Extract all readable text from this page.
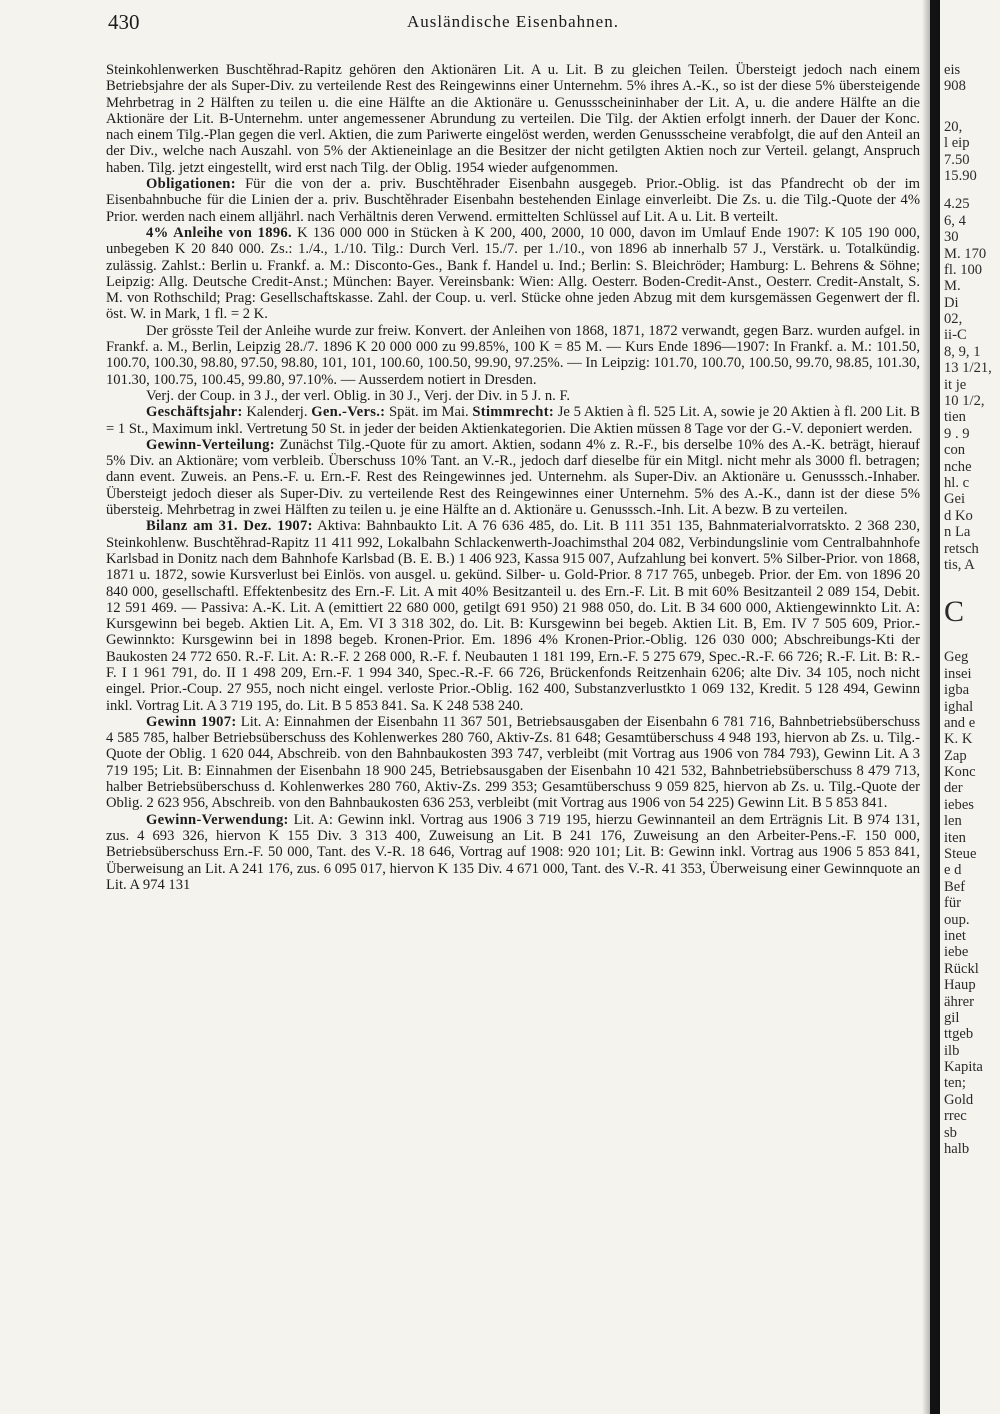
430	Ausländische Eisenbahnen.

Steinkohlenwerken Buschtěhrad-Rapitz gehören den Aktionären Lit. A u. Lit. B zu gleichen Teilen. Übersteigt jedoch nach einem Betriebsjahre der als Super-Div. zu verteilende Rest des Reingewinns einer Unternehm. 5% ihres A.-K., so ist der diese 5% übersteigende Mehrbetrag in 2 Hälften zu teilen u. die eine Hälfte an die Aktionäre u. Genussscheininhaber der Lit. A, u. die andere Hälfte an die Aktionäre der Lit. B-Unternehm. unter angemessener Abrundung zu verteilen. Die Tilg. der Aktien erfolgt innerh. der Dauer der Konc. nach einem Tilg.-Plan gegen die verl. Aktien, die zum Pariwerte eingelöst werden, werden Genussscheine verabfolgt, die auf den Anteil an der Div., welche nach Auszahl. von 5% der Aktieneinlage an die Besitzer der nicht getilgten Aktien noch zur Verteil. gelangt, Anspruch haben. Tilg. jetzt eingestellt, wird erst nach Tilg. der Oblig. 1954 wieder aufgenommen.

Obligationen: Für die von der a. priv. Buschtěhrader Eisenbahn ausgegeb. Prior.-Oblig. ist das Pfandrecht ob der im Eisenbahnbuche für die Linien der a. priv. Buschtěhrader Eisenbahn bestehenden Einlage einverleibt. Die Zs. u. die Tilg.-Quote der 4% Prior. werden nach einem alljährl. nach Verhältnis deren Verwend. ermittelten Schlüssel auf Lit. A u. Lit. B verteilt.

4% Anleihe von 1896. K 136 000 000 in Stücken à K 200, 400, 2000, 10 000, davon im Umlauf Ende 1907: K 105 190 000, unbegeben K 20 840 000. Zs.: 1./4., 1./10. Tilg.: Durch Verl. 15./7. per 1./10., von 1896 ab innerhalb 57 J., Verstärk. u. Totalkündig. zulässig. Zahlst.: Berlin u. Frankf. a. M.: Disconto-Ges., Bank f. Handel u. Ind.; Berlin: S. Bleichröder; Hamburg: L. Behrens & Söhne; Leipzig: Allg. Deutsche Credit-Anst.; München: Bayer. Vereinsbank: Wien: Allg. Oesterr. Boden-Credit-Anst., Oesterr. Credit-Anstalt, S. M. von Rothschild; Prag: Gesellschaftskasse. Zahl. der Coup. u. verl. Stücke ohne jeden Abzug mit dem kursgemässen Gegenwert der fl. öst. W. in Mark, 1 fl. = 2 K.

Der grösste Teil der Anleihe wurde zur freiw. Konvert. der Anleihen von 1868, 1871, 1872 verwandt, gegen Barz. wurden aufgel. in Frankf. a. M., Berlin, Leipzig 28./7. 1896 K 20 000 000 zu 99.85%, 100 K = 85 M. — Kurs Ende 1896—1907: In Frankf. a. M.: 101.50, 100.70, 100.30, 98.80, 97.50, 98.80, 101, 101, 100.60, 100.50, 99.90, 97.25%. — In Leipzig: 101.70, 100.70, 100.50, 99.70, 98.85, 101.30, 101.30, 100.75, 100.45, 99.80, 97.10%. — Ausserdem notiert in Dresden.

Verj. der Coup. in 3 J., der verl. Oblig. in 30 J., Verj. der Div. in 5 J. n. F.

Geschäftsjahr: Kalenderj. Gen.-Vers.: Spät. im Mai. Stimmrecht: Je 5 Aktien à fl. 525 Lit. A, sowie je 20 Aktien à fl. 200 Lit. B = 1 St., Maximum inkl. Vertretung 50 St. in jeder der beiden Aktienkategorien. Die Aktien müssen 8 Tage vor der G.-V. deponiert werden.

Gewinn-Verteilung: Zunächst Tilg.-Quote für zu amort. Aktien, sodann 4% z. R.-F., bis derselbe 10% des A.-K. beträgt, hierauf 5% Div. an Aktionäre; vom verbleib. Überschuss 10% Tant. an V.-R., jedoch darf dieselbe für ein Mitgl. nicht mehr als 3000 fl. betragen; dann event. Zuweis. an Pens.-F. u. Ern.-F. Rest des Reingewinnes jed. Unternehm. als Super-Div. an Aktionäre u. Genusssch.-Inhaber. Übersteigt jedoch dieser als Super-Div. zu verteilende Rest des Reingewinnes einer Unternehm. 5% des A.-K., dann ist der diese 5% übersteig. Mehrbetrag in zwei Hälften zu teilen u. je eine Hälfte an d. Aktionäre u. Genusssch.-Inh. Lit. A bezw. B zu verteilen.

Bilanz am 31. Dez. 1907: Aktiva: Bahnbaukto Lit. A 76 636 485, do. Lit. B 111 351 135, Bahnmaterialvorratskto. 2 368 230, Steinkohlenw. Buschtěhrad-Rapitz 11 411 992, Lokalbahn Schlackenwerth-Joachimsthal 204 082, Verbindungslinie vom Centralbahnhofe Karlsbad in Donitz nach dem Bahnhofe Karlsbad (B. E. B.) 1 406 923, Kassa 915 007, Aufzahlung bei konvert. 5% Silber-Prior. von 1868, 1871 u. 1872, sowie Kursverlust bei Einlös. von ausgel. u. gekünd. Silber- u. Gold-Prior. 8 717 765, unbegeb. Prior. der Em. von 1896 20 840 000, gesellschaftl. Effektenbesitz des Ern.-F. Lit. A mit 40% Besitzanteil u. des Ern.-F. Lit. B mit 60% Besitzanteil 2 089 154, Debit. 12 591 469. — Passiva: A.-K. Lit. A (emittiert 22 680 000, getilgt 691 950) 21 988 050, do. Lit. B 34 600 000, Aktiengewinnkto Lit. A: Kursgewinn bei begeb. Aktien Lit. A, Em. VI 3 318 302, do. Lit. B: Kursgewinn bei begeb. Aktien Lit. B, Em. IV 7 505 609, Prior.-Gewinnkto: Kursgewinn bei in 1898 begeb. Kronen-Prior. Em. 1896 4% Kronen-Prior.-Oblig. 126 030 000; Abschreibungs-Kti der Baukosten 24 772 650. R.-F. Lit. A: R.-F. 2 268 000, R.-F. f. Neubauten 1 181 199, Ern.-F. 5 275 679, Spec.-R.-F. 66 726; R.-F. Lit. B: R.-F. I 1 961 791, do. II 1 498 209, Ern.-F. 1 994 340, Spec.-R.-F. 66 726, Brückenfonds Reitzenhain 6206; alte Div. 34 105, noch nicht eingel. Prior.-Coup. 27 955, noch nicht eingel. verloste Prior.-Oblig. 162 400, Substanzverlustkto 1 069 132, Kredit. 5 128 494, Gewinn inkl. Vortrag Lit. A 3 719 195, do. Lit. B 5 853 841. Sa. K 248 538 240.

Gewinn 1907: Lit. A: Einnahmen der Eisenbahn 11 367 501, Betriebsausgaben der Eisenbahn 6 781 716, Bahnbetriebsüberschuss 4 585 785, halber Betriebsüberschuss des Kohlenwerkes 280 760, Aktiv-Zs. 81 648; Gesamtüberschuss 4 948 193, hiervon ab Zs. u. Tilg.-Quote der Oblig. 1 620 044, Abschreib. von den Bahnbaukosten 393 747, verbleibt (mit Vortrag aus 1906 von 784 793), Gewinn Lit. A 3 719 195; Lit. B: Einnahmen der Eisenbahn 18 900 245, Betriebsausgaben der Eisenbahn 10 421 532, Bahnbetriebsüberschuss 8 479 713, halber Betriebsüberschuss d. Kohlenwerkes 280 760, Aktiv-Zs. 299 353; Gesamtüberschuss 9 059 825, hiervon ab Zs. u. Tilg.-Quote der Oblig. 2 623 956, Abschreib. von den Bahnbaukosten 636 253, verbleibt (mit Vortrag aus 1906 von 54 225) Gewinn Lit. B 5 853 841.

Gewinn-Verwendung: Lit. A: Gewinn inkl. Vortrag aus 1906 3 719 195, hierzu Gewinnanteil an dem Erträgnis Lit. B 974 131, zus. 4 693 326, hiervon K 155 Div. 3 313 400, Zuweisung an Lit. B 241 176, Zuweisung an den Arbeiter-Pens.-F. 150 000, Betriebsüberschuss Ern.-F. 50 000, Tant. des V.-R. 18 646, Vortrag auf 1908: 920 101; Lit. B: Gewinn inkl. Vortrag aus 1906 5 853 841, Überweisung an Lit. A 241 176, zus. 6 095 017, hiervon K 135 Div. 4 671 000, Tant. des V.-R. 41 353, Überweisung einer Gewinnquote an Lit. A 974 131

eis
908
20,
l eip
7.50
15.90
4.25
6, 4
30
M. 170
fl. 100
M.
Di
02,
ii-C
8, 9, 1
13 1/21,
it je
10 1/2,
tien
9 . 9
con
nche
hl. c
Gei
d Ko
n La
retsch
tis, A
C
Geg
insei
igba
ighal
and e
K. K
Zap
Konc
der
iebes
len
iten
Steue
e d
Bef
für
oup.
inet
iebe
Rückl
Haup
ährer
gil
ttgeb
ilb
Kapita
ten;
Gold
rrec
sb
halb
